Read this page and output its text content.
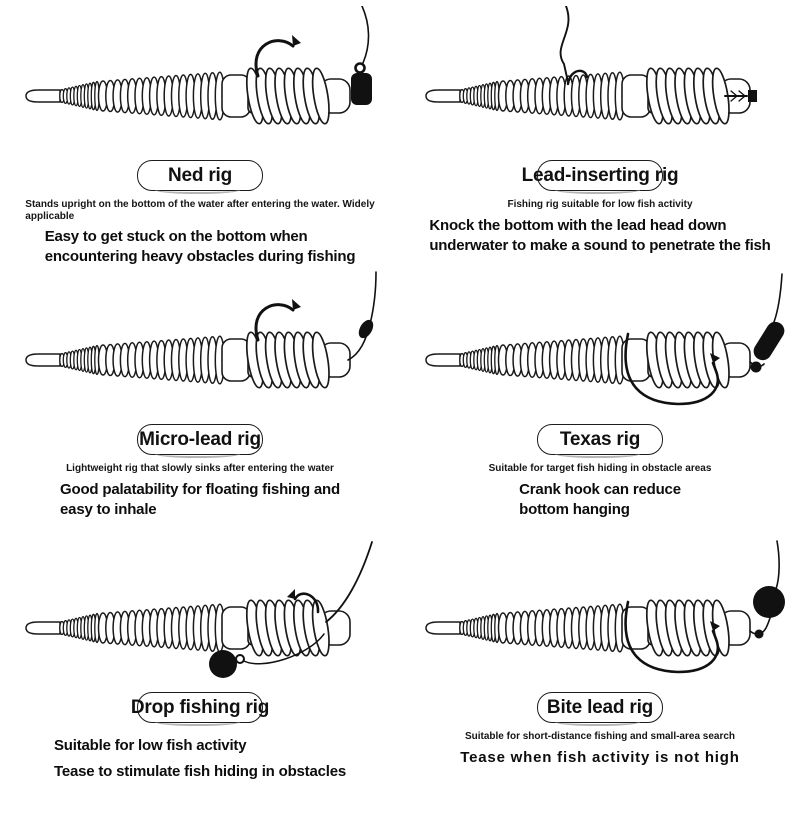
Ned rig
Stands upright on the bottom of the water after entering the water. Widely
applicable
Easy to get stuck on the bottom when
encountering heavy obstacles during fishing
Lead-inserting rig
Fishing rig suitable for low fish activity
Knock the bottom with the lead head down
underwater to make a sound to penetrate the fish
Micro-lead rig
Lightweight rig that slowly sinks after entering the water
Good palatability for floating fishing and
easy to inhale
Texas rig
Suitable for target fish hiding in obstacle areas
Crank hook can reduce
bottom hanging
Drop fishing rig
Suitable for low fish activity
Tease to stimulate fish hiding in obstacles
Bite lead rig
Suitable for short-distance fishing and small-area search
Tease when fish activity is not high
